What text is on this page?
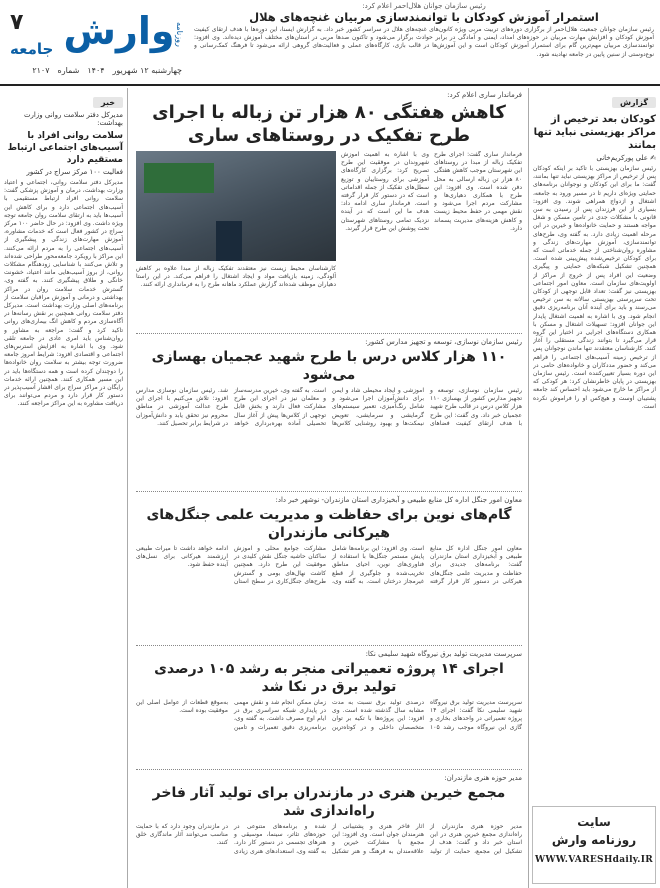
۷
جامعه وارش روزنامه
چهارشنبه ۱۲ شهریور
۱۴۰۴
شماره
۲۱۰۷
رئیس سازمان جوانان هلال‌احمر اعلام کرد:
استمرار آموزش کودکان با توانمندسازی مربیان غنچه‌های هلال
رئیس سازمان جوانان جمعیت هلال‌احمر از برگزاری دوره‌های تربیت مربی ویژه کانون‌های غنچه‌های هلال در سراسر کشور خبر داد. به گزارش ایسنا، این دوره‌ها با هدف ارتقای کیفیت آموزش کودکان و افزایش مهارت مربیان در حوزه‌های امداد، ایمنی و آمادگی در برابر حوادث برگزار می‌شود و تاکنون صدها مربی در استان‌های مختلف آموزش دیده‌اند. وی افزود: توانمندسازی مربیان مهم‌ترین گام برای استمرار آموزش کودکان است و این آموزش‌ها در قالب بازی، کارگاه‌های عملی و فعالیت‌های گروهی ارائه می‌شود تا فرهنگ کمک‌رسانی و نوع‌دوستی از سنین پایین در جامعه نهادینه شود.
گزارش
کودکان بعد ترخیص از مراکز بهزیستی نباید تنها بمانند
✍ علی پورکریم‌خانی
رئیس سازمان بهزیستی با تاکید بر اینکه کودکان پس از ترخیص از مراکز بهزیستی نباید تنها بمانند، گفت: ما برای این کودکان و نوجوانان برنامه‌های حمایتی ویژه‌ای داریم تا در مسیر ورود به جامعه، اشتغال و ازدواج همراهی شوند. وی افزود: بسیاری از این فرزندان پس از رسیدن به سن قانونی با مشکلات جدی در تامین مسکن و شغل مواجه هستند و حمایت خانواده‌ها و خیرین در این مرحله اهمیت زیادی دارد. به گفته وی، طرح‌های توانمندسازی، آموزش مهارت‌های زندگی و مشاوره روان‌شناختی از جمله خدماتی است که برای کودکان ترخیص‌شده پیش‌بینی شده است. همچنین تشکیل شبکه‌های حمایتی و پیگیری وضعیت این افراد پس از خروج از مراکز از اولویت‌های سازمان است. معاون امور اجتماعی بهزیستی نیز گفت: تعداد قابل توجهی از کودکان تحت سرپرستی بهزیستی سالانه به سن ترخیص می‌رسند و باید برای آینده آنان برنامه‌ریزی دقیق انجام شود. وی با اشاره به اهمیت اشتغال پایدار این جوانان افزود: تسهیلات اشتغال و مسکن با همکاری دستگاه‌های اجرایی در اختیار این گروه قرار می‌گیرد تا بتوانند زندگی مستقلی را آغاز کنند. کارشناسان معتقدند تنها ماندن نوجوانان پس از ترخیص زمینه آسیب‌های اجتماعی را فراهم می‌کند و حضور مددکاران و خانواده‌های حامی در این دوره بسیار تعیین‌کننده است. رئیس سازمان بهزیستی در پایان خاطرنشان کرد: هر کودکی که از مراکز ما خارج می‌شود باید احساس کند جامعه پشتیبان اوست و هیچ‌کس او را فراموش نکرده است.
سایت
روزنامه وارش
WWW.VARESHdaily.IR
خبر
مدیرکل دفتر سلامت روانی وزارت بهداشت:
سلامت روانی افراد با آسیب‌های اجتماعی ارتباط مستقیم دارد
فعالیت ۱۰۰ مرکز سراج در کشور
مدیرکل دفتر سلامت روانی، اجتماعی و اعتیاد وزارت بهداشت، درمان و آموزش پزشکی گفت: سلامت روانی افراد ارتباط مستقیمی با آسیب‌های اجتماعی دارد و برای کاهش این آسیب‌ها باید به ارتقای سلامت روان جامعه توجه ویژه داشت. وی افزود: در حال حاضر ۱۰۰ مرکز سراج در کشور فعال است که خدمات مشاوره، آموزش مهارت‌های زندگی و پیشگیری از آسیب‌های اجتماعی را به مردم ارائه می‌کنند. این مراکز با رویکرد جامعه‌محور طراحی شده‌اند و تلاش می‌کنند با شناسایی زودهنگام مشکلات روانی، از بروز آسیب‌هایی مانند اعتیاد، خشونت خانگی و طلاق پیشگیری کنند. به گفته وی، گسترش خدمات سلامت روان در مراکز بهداشتی و درمانی و آموزش مراقبان سلامت از برنامه‌های اصلی وزارت بهداشت است. مدیرکل دفتر سلامت روانی همچنین بر نقش رسانه‌ها در آگاه‌سازی مردم و کاهش انگ بیماری‌های روانی تاکید کرد و گفت: مراجعه به مشاور و روان‌شناس باید امری عادی در جامعه تلقی شود. وی با اشاره به افزایش استرس‌های اجتماعی و اقتصادی افزود: شرایط امروز جامعه ضرورت توجه بیشتر به سلامت روان خانواده‌ها را دوچندان کرده است و همه دستگاه‌ها باید در این مسیر همکاری کنند. همچنین ارائه خدمات رایگان در مراکز سراج برای اقشار آسیب‌پذیر در دستور کار قرار دارد و مردم می‌توانند برای دریافت مشاوره به این مراکز مراجعه کنند.
فرماندار ساری اعلام کرد:
کاهش هفتگی ۸۰ هزار تن زباله با اجرای طرح تفکیک در روستاهای ساری
فرماندار ساری گفت: اجرای طرح تفکیک زباله از مبدا در روستاهای این شهرستان موجب کاهش هفتگی ۸۰ هزار تن زباله ارسالی به محل دفن شده است. وی افزود: این طرح با همکاری دهیاری‌ها و مشارکت مردم اجرا می‌شود و نقش مهمی در حفظ محیط زیست و کاهش هزینه‌های مدیریت پسماند دارد.
وی با اشاره به اهمیت آموزش شهروندان در موفقیت این طرح تصریح کرد: برگزاری کارگاه‌های آموزشی برای روستاییان و توزیع سطل‌های تفکیک از جمله اقداماتی است که در دستور کار قرار گرفته است. فرماندار ساری ادامه داد: هدف ما این است که در آینده نزدیک تمامی روستاهای شهرستان تحت پوشش این طرح قرار گیرند.
کارشناسان محیط زیست نیز معتقدند تفکیک زباله از مبدا علاوه بر کاهش آلودگی، زمینه بازیافت مواد و ایجاد اشتغال را فراهم می‌کند. در این راستا دهیاران موظف شده‌اند گزارش عملکرد ماهانه طرح را به فرمانداری ارائه کنند.
رئیس سازمان نوسازی، توسعه و تجهیز مدارس کشور:
۱۱۰ هزار کلاس درس با طرح شهید عجمیان بهسازی می‌شود
رئیس سازمان نوسازی، توسعه و تجهیز مدارس کشور از بهسازی ۱۱۰ هزار کلاس درس در قالب طرح شهید عجمیان خبر داد. وی گفت: این طرح با هدف ارتقای کیفیت فضاهای آموزشی و ایجاد محیطی شاد و ایمن برای دانش‌آموزان اجرا می‌شود و شامل رنگ‌آمیزی، تعمیر سیستم‌های گرمایشی و سرمایشی، تعویض نیمکت‌ها و بهبود روشنایی کلاس‌ها است. به گفته وی، خیرین مدرسه‌ساز و معلمان نیز در اجرای این طرح مشارکت فعال دارند و بخش قابل توجهی از کلاس‌ها پیش از آغاز سال تحصیلی آماده بهره‌برداری خواهد شد. رئیس سازمان نوسازی مدارس افزود: تلاش می‌کنیم با اجرای این طرح عدالت آموزشی در مناطق محروم نیز تحقق یابد و دانش‌آموزان در شرایط برابر تحصیل کنند.
معاون امور جنگل اداره کل منابع طبیعی و آبخیزداری استان مازندران- نوشهر خبر داد:
گام‌های نوین برای حفاظت و مدیریت علمی جنگل‌های هیرکانی مازندران
معاون امور جنگل اداره کل منابع طبیعی و آبخیزداری استان مازندران گفت: برنامه‌های جدیدی برای حفاظت و مدیریت علمی جنگل‌های هیرکانی در دستور کار قرار گرفته است. وی افزود: این برنامه‌ها شامل پایش مستمر جنگل‌ها با استفاده از فناوری‌های نوین، احیای مناطق تخریب‌شده و جلوگیری از قطع غیرمجاز درختان است. به گفته وی، مشارکت جوامع محلی و آموزش ساکنان حاشیه جنگل نقش کلیدی در موفقیت این طرح دارد. همچنین کاشت نهال‌های بومی و گسترش طرح‌های جنگل‌کاری در سطح استان ادامه خواهد داشت تا میراث طبیعی ارزشمند هیرکانی برای نسل‌های آینده حفظ شود.
سرپرست مدیریت تولید برق نیروگاه شهید سلیمی نکا:
اجرای ۱۴ پروژه تعمیراتی منجر به رشد ۱۰۵ درصدی تولید برق در نکا شد
سرپرست مدیریت تولید برق نیروگاه شهید سلیمی نکا گفت: اجرای ۱۴ پروژه تعمیراتی در واحدهای بخاری و گازی این نیروگاه موجب رشد ۱۰۵ درصدی تولید برق نسبت به مدت مشابه سال گذشته شده است. وی افزود: این پروژه‌ها با تکیه بر توان متخصصان داخلی و در کوتاه‌ترین زمان ممکن انجام شد و نقش مهمی در پایداری شبکه سراسری برق در ایام اوج مصرف داشت. به گفته وی، برنامه‌ریزی دقیق تعمیرات و تامین به‌موقع قطعات از عوامل اصلی این موفقیت بوده است.
مدیر حوزه هنری مازندران:
مجمع خیرین هنری در مازندران برای تولید آثار فاخر راه‌اندازی شد
مدیر حوزه هنری مازندران از راه‌اندازی مجمع خیرین هنری در این استان خبر داد و گفت: هدف از تشکیل این مجمع، حمایت از تولید آثار فاخر هنری و پشتیبانی از هنرمندان جوان است. وی افزود: این مجمع با مشارکت خیرین و علاقه‌مندان به فرهنگ و هنر تشکیل شده و برنامه‌های متنوعی در حوزه‌های تئاتر، سینما، موسیقی و هنرهای تجسمی در دستور کار دارد. به گفته وی، استعدادهای هنری زیادی در مازندران وجود دارد که با حمایت مناسب می‌توانند آثار ماندگاری خلق کنند.
